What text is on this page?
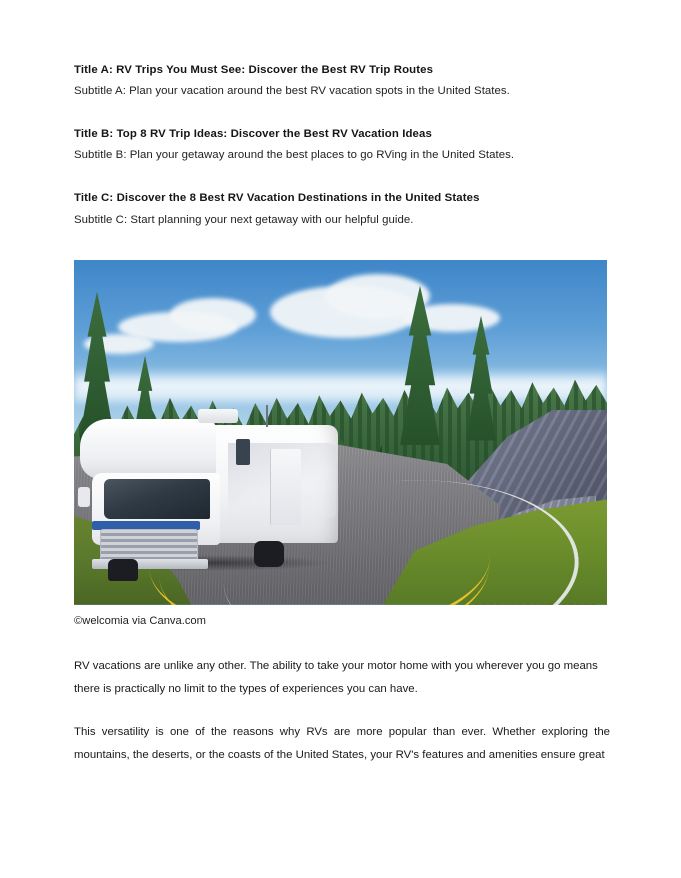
Title A: RV Trips You Must See: Discover the Best RV Trip Routes

Subtitle A: Plan your vacation around the best RV vacation spots in the United States.

Title B: Top 8 RV Trip Ideas: Discover the Best RV Vacation Ideas

Subtitle B: Plan your getaway around the best places to go RVing in the United States.

Title C: Discover the 8 Best RV Vacation Destinations in the United States

Subtitle C: Start planning your next getaway with our helpful guide.

©welcomia via Canva.com

RV vacations are unlike any other. The ability to take your motor home with you wherever you go means there is practically no limit to the types of experiences you can have.

This versatility is one of the reasons why RVs are more popular than ever. Whether exploring the mountains, the deserts, or the coasts of the United States, your RV's features and amenities ensure great
